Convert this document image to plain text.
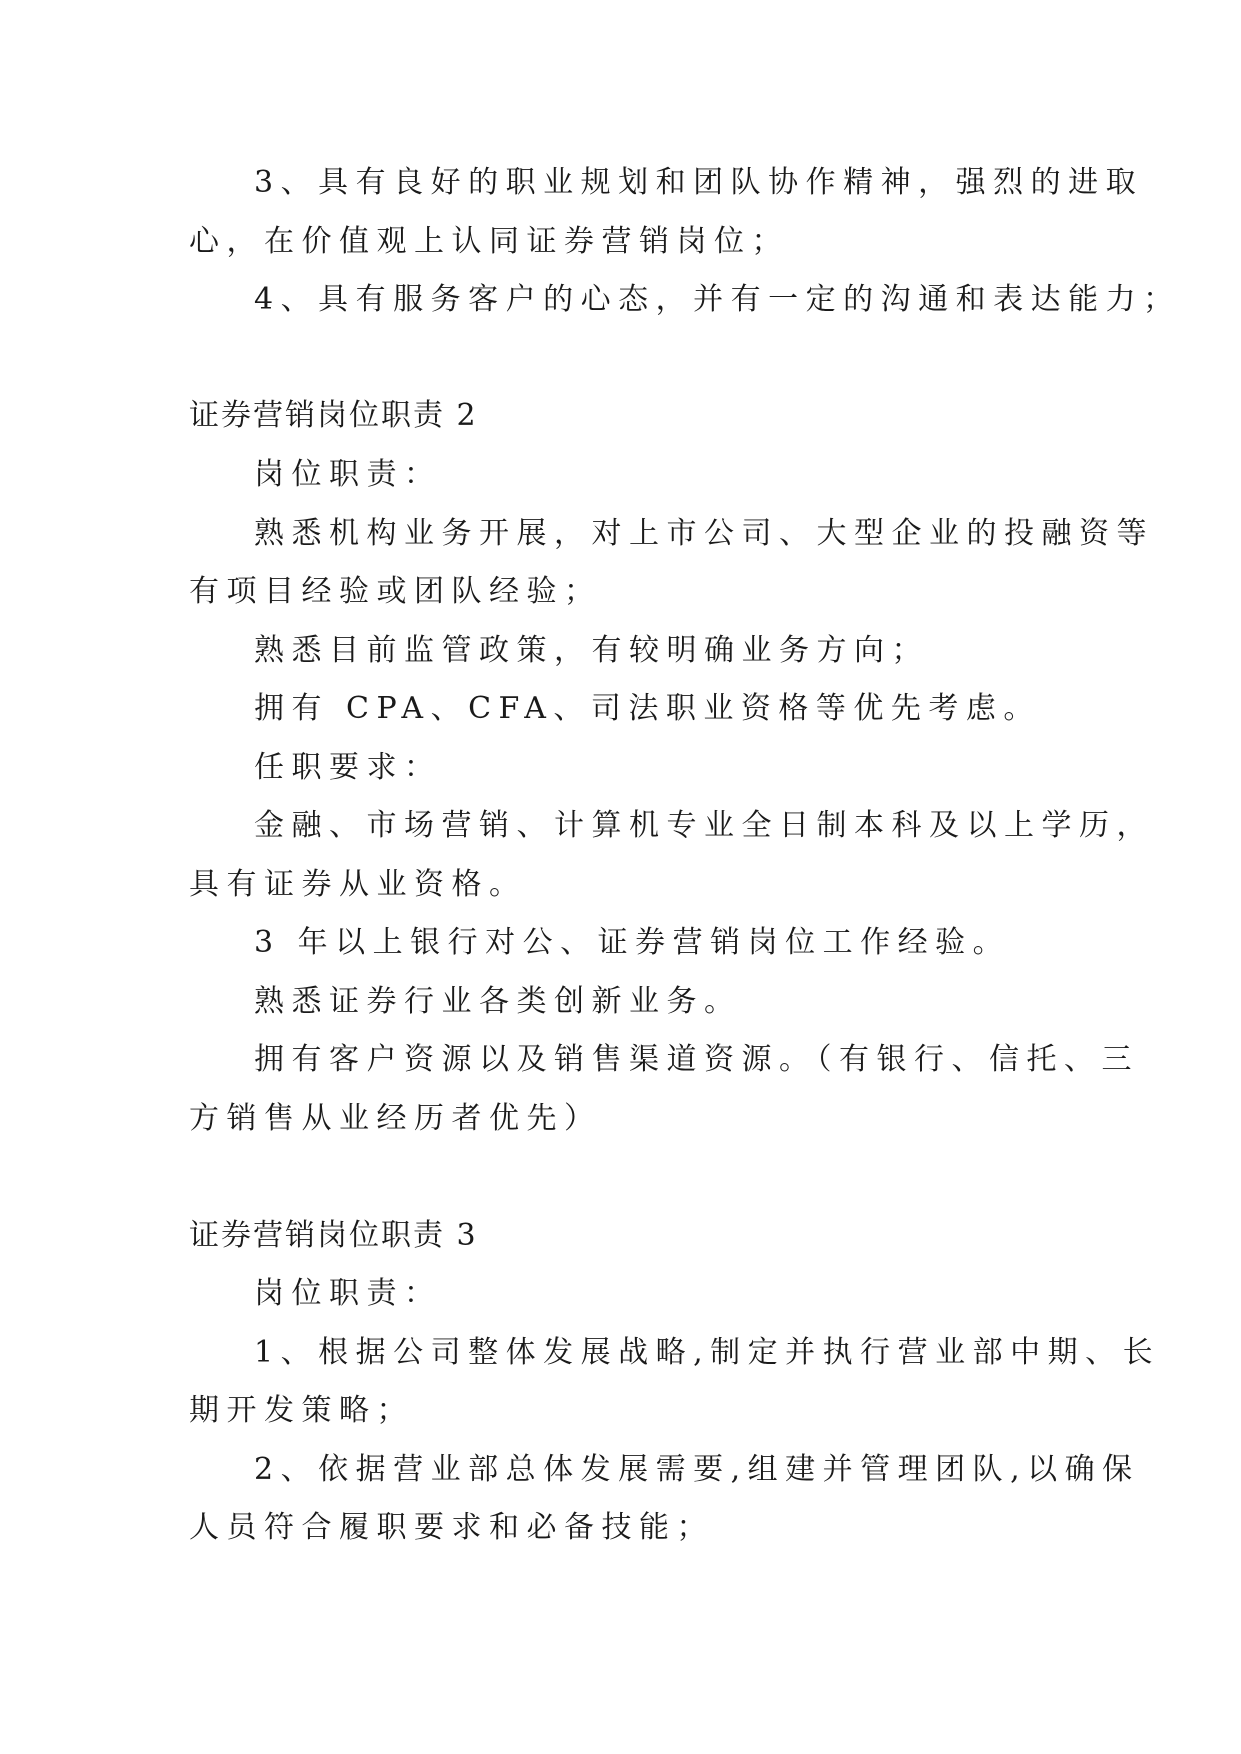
3、具有良好的职业规划和团队协作精神，强烈的进取
心，在价值观上认同证券营销岗位；
4、具有服务客户的心态，并有一定的沟通和表达能力；
证券营销岗位职责 2
岗位职责：
熟悉机构业务开展，对上市公司、大型企业的投融资等
有项目经验或团队经验；
熟悉目前监管政策，有较明确业务方向；
拥有 CPA、CFA、司法职业资格等优先考虑。
任职要求：
金融、市场营销、计算机专业全日制本科及以上学历，
具有证券从业资格。
3 年以上银行对公、证券营销岗位工作经验。
熟悉证券行业各类创新业务。
拥有客户资源以及销售渠道资源。（有银行、信托、三
方销售从业经历者优先）
证券营销岗位职责 3
岗位职责：
1、根据公司整体发展战略,制定并执行营业部中期、长
期开发策略；
2、依据营业部总体发展需要,组建并管理团队,以确保
人员符合履职要求和必备技能；
